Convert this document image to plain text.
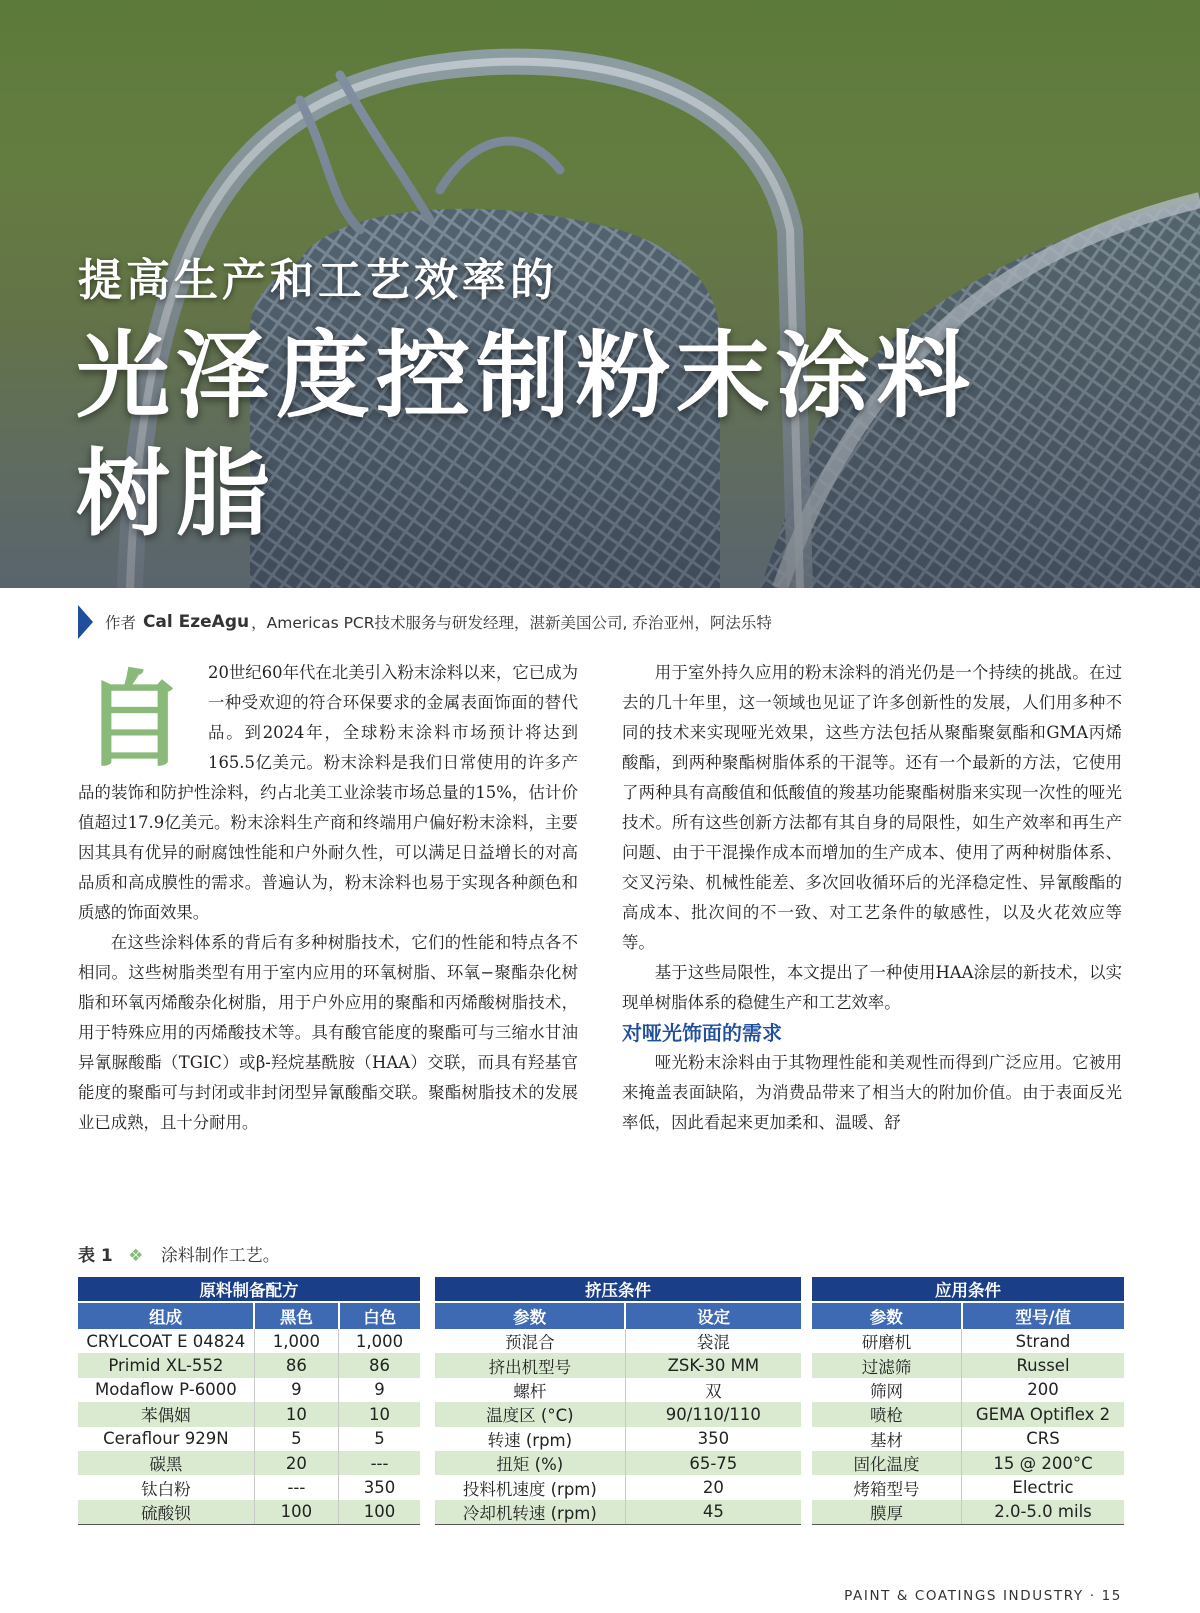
提高生产和工艺效率的
光泽度控制粉末涂料
树脂
作者
Cal EzeAgu ，Americas PCR技术服务与研发经理，湛新美国公司, 乔治亚州，阿法乐特

自 20世纪60年代在北美引入粉末涂料以来，它已成为一种受欢迎的符合环保要求的金属表面饰面的替代品。到2024年，全球粉末涂料市场预计将达到165.5亿美元。粉末涂料是我们日常使用的许多产品的装饰和防护性涂料，约占北美工业涂装市场总量的15%，估计价值超过17.9亿美元。粉末涂料生产商和终端用户偏好粉末涂料，主要因其具有优异的耐腐蚀性能和户外耐久性，可以满足日益增长的对高品质和高成膜性的需求。普遍认为，粉末涂料也易于实现各种颜色和质感的饰面效果。

在这些涂料体系的背后有多种树脂技术，它们的性能和特点各不相同。这些树脂类型有用于室内应用的环氧树脂、环氧−聚酯杂化树脂和环氧丙烯酸杂化树脂，用于户外应用的聚酯和丙烯酸树脂技术，用于特殊应用的丙烯酸技术等。具有酸官能度的聚酯可与三缩水甘油异氰脲酸酯（TGIC）或β-羟烷基酰胺（HAA）交联，而具有羟基官能度的聚酯可与封闭或非封闭型异氰酸酯交联。聚酯树脂技术的发展业已成熟，且十分耐用。

用于室外持久应用的粉末涂料的消光仍是一个持续的挑战。在过去的几十年里，这一领域也见证了许多创新性的发展，人们用多种不同的技术来实现哑光效果，这些方法包括从聚酯聚氨酯和GMA丙烯酸酯，到两种聚酯树脂体系的干混等。还有一个最新的方法，它使用了两种具有高酸值和低酸值的羧基功能聚酯树脂来实现一次性的哑光技术。所有这些创新方法都有其自身的局限性，如生产效率和再生产问题、由于干混操作成本而增加的生产成本、使用了两种树脂体系、交叉污染、机械性能差、多次回收循环后的光泽稳定性、异氰酸酯的高成本、批次间的不一致、对工艺条件的敏感性，以及火花效应等等。

基于这些局限性，本文提出了一种使用HAA涂层的新技术，以实现单树脂体系的稳健生产和工艺效率。

对哑光饰面的需求

哑光粉末涂料由于其物理性能和美观性而得到广泛应用。它被用来掩盖表面缺陷，为消费品带来了相当大的附加价值。由于表面反光率低，因此看起来更加柔和、温暖、舒

表 1 ❖ 涂料制作工艺。
原料制备配方		
组成	黑色	白色
CRYLCOAT E 04824	1,000	1,000
Primid XL-552	86	86
Modaflow P-6000	9	9
苯偶姻	10	10
Ceraflour 929N	5	5
碳黑	20	---
钛白粉	---	350
硫酸钡	100	100
挤压条件	
参数	设定
预混合	袋混
挤出机型号	ZSK-30 MM
螺杆	双
温度区 (°C)	90/110/110
转速 (rpm)	350
扭矩 (%)	65-75
投料机速度 (rpm)	20
冷却机转速 (rpm)	45
应用条件	
参数	型号/值
研磨机	Strand
过滤筛	Russel
筛网	200
喷枪	GEMA Optiflex 2
基材	CRS
固化温度	15 @ 200°C
烤箱型号	Electric
膜厚	2.0-5.0 mils
PAINT & COATINGS INDUSTRY · 15
